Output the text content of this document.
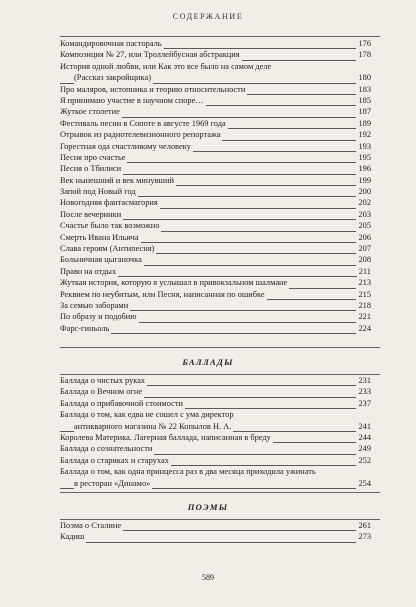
СОДЕРЖАНИЕ
Командировочная пастораль	176
Композиция № 27, или Троллейбусная абстракция	178
История одной любви, или Как это все было на самом деле
(Рассказ закройщика)	180
Про маляров, истопника и теорию относительности	183
Я принимаю участие в научном споре…	185
Жуткое столетие	187
Фестиваль песни в Сопоте в августе 1969 года	189
Отрывок из радиотелевизионного репортажа	192
Горестная ода счастливому человеку	193
Песня про счастье	195
Песня о Тбилиси	196
Век нынешний и век минувший	199
Запой под Новый год	200
Новогодняя фантасмагория	202
После вечеринки	203
Счастье было так возможно	205
Смерть Ивана Ильича	206
Слава героям (Антипесня)	207
Больничная цыганочка	208
Право на отдых	211
Жуткая история, которую я услышал в привокзальном шалмане	213
Реквием по неубитым, или Песня, написанная по ошибке	215
За семью заборами	218
По образу и подобию	221
Фарс-гиньоль	224
БАЛЛАДЫ
Баллада о чистых руках	231
Баллада о Вечном огне	233
Баллада о прибавочной стоимости	237
Баллада о том, как едва не сошел с ума директор
антикварного магазина № 22 Копылов Н. А.	241
Королева Материка. Лагерная баллада, написанная в бреду	244
Баллада о сознательности	249
Баллада о стариках и старухах	252
Баллада о том, как одна принцесса раз в два месяца приходила ужинать
в ресторан «Динамо»	254
ПОЭМЫ
Поэма о Сталине	261
Кадиш	273
589
